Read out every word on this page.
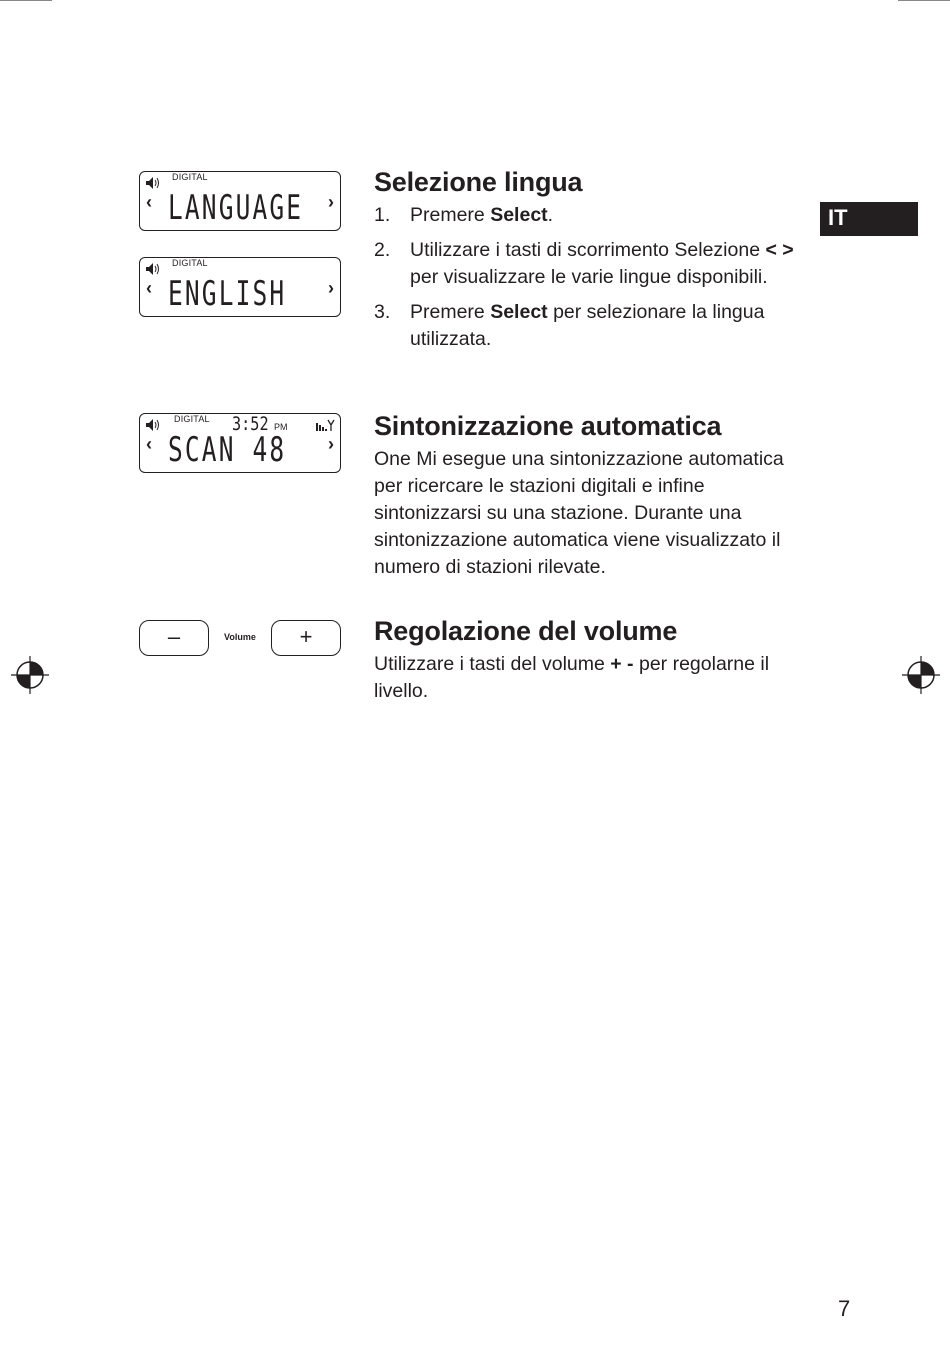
DIGITAL
‹ LANGUAGE ›
DIGITAL
‹ ENGLISH ›
DIGITAL 3:52 PM
‹ SCAN 48 ›
–	Volume	+
IT
Selezione lingua
1. Premere Select.
2. Utilizzare i tasti di scorrimento Selezione < > per visualizzare le varie lingue disponibili.
3. Premere Select per selezionare la lingua utilizzata.
Sintonizzazione automatica

One Mi esegue una sintonizzazione automatica per ricercare le stazioni digitali e infine sintonizzarsi su una stazione. Durante una sintonizzazione automatica viene visualizzato il numero di stazioni rilevate.

Regolazione del volume

Utilizzare i tasti del volume + - per regolarne il livello.

7
